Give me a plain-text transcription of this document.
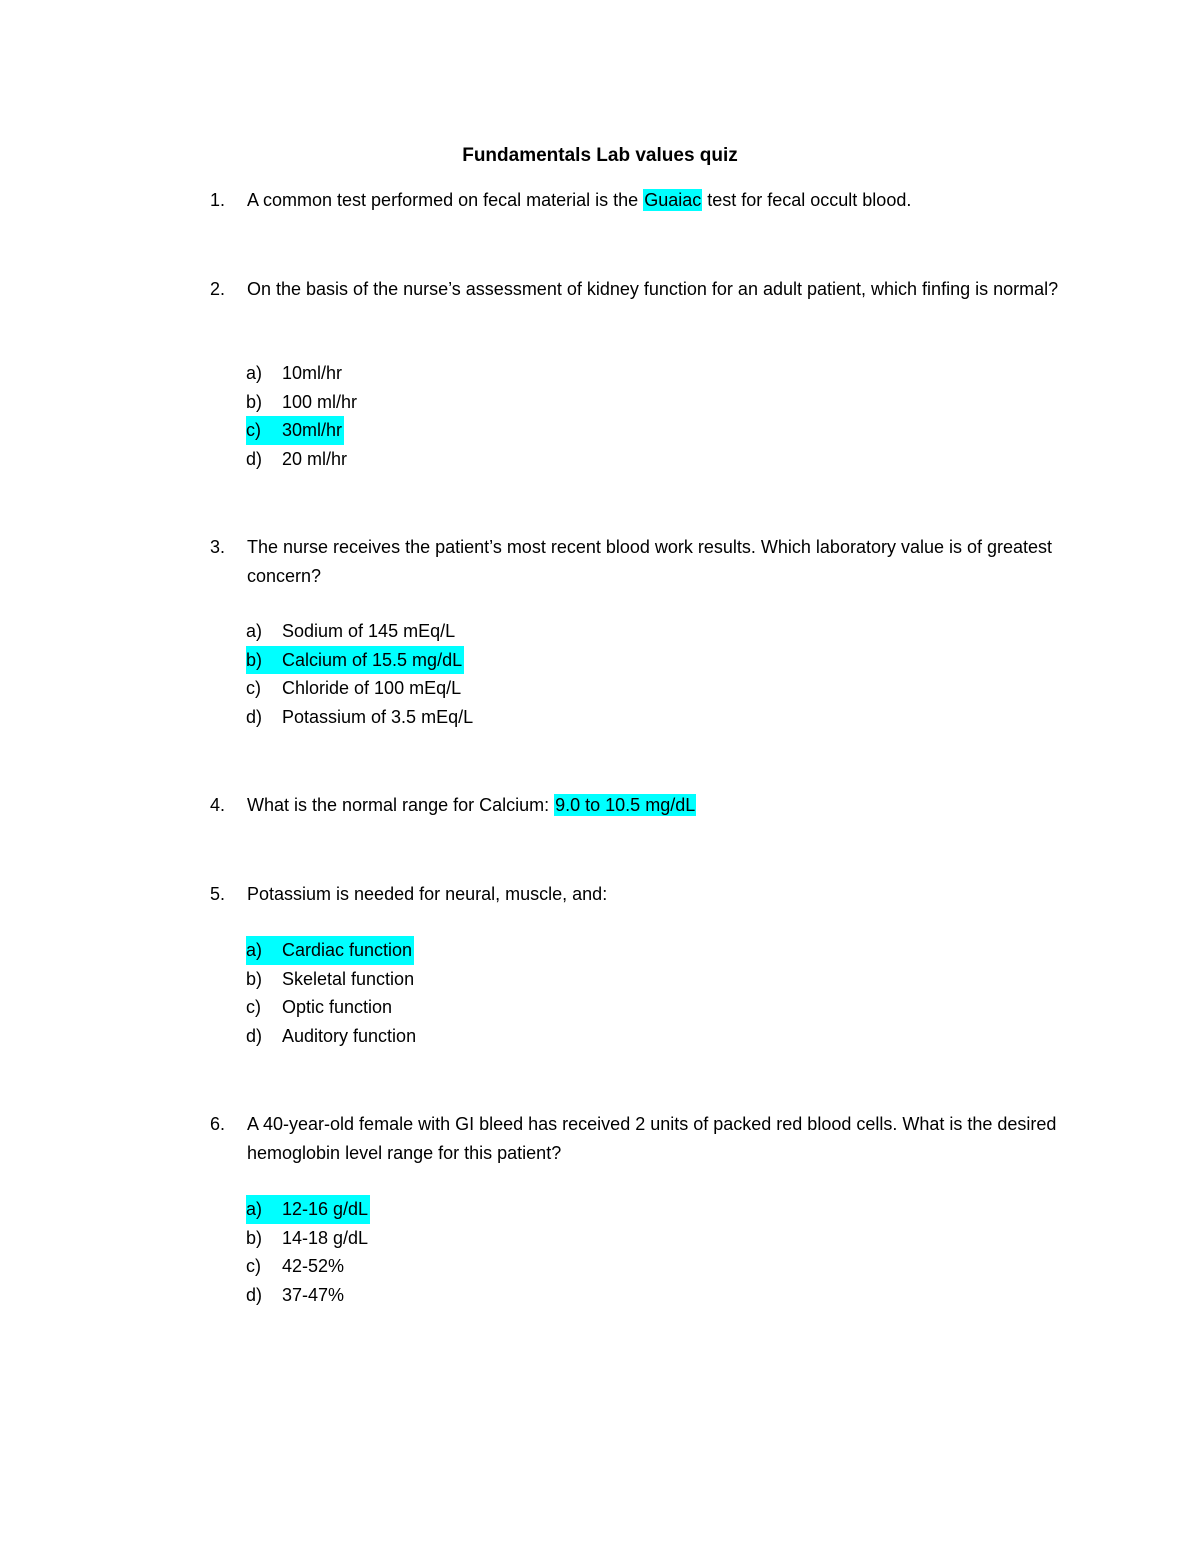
Fundamentals Lab values quiz
1.	A common test performed on fecal material is the Guaiac test for fecal occult blood.
2.	On the basis of the nurse’s assessment of kidney function for an adult patient, which finfing is normal?
a) 10ml/hr
b) 100 ml/hr
c) 30ml/hr
d) 20 ml/hr
3.	The nurse receives the patient’s most recent blood work results. Which laboratory value is of greatest concern?
a) Sodium of 145 mEq/L
b) Calcium of 15.5 mg/dL
c) Chloride of 100 mEq/L
d) Potassium of 3.5 mEq/L
4.	What is the normal range for Calcium: 9.0 to 10.5 mg/dL
5.	Potassium is needed for neural, muscle, and:
a) Cardiac function
b) Skeletal function
c) Optic function
d) Auditory function
6.	A 40-year-old female with GI bleed has received 2 units of packed red blood cells. What is the desired hemoglobin level range for this patient?
a) 12-16 g/dL
b) 14-18 g/dL
c) 42-52%
d) 37-47%
